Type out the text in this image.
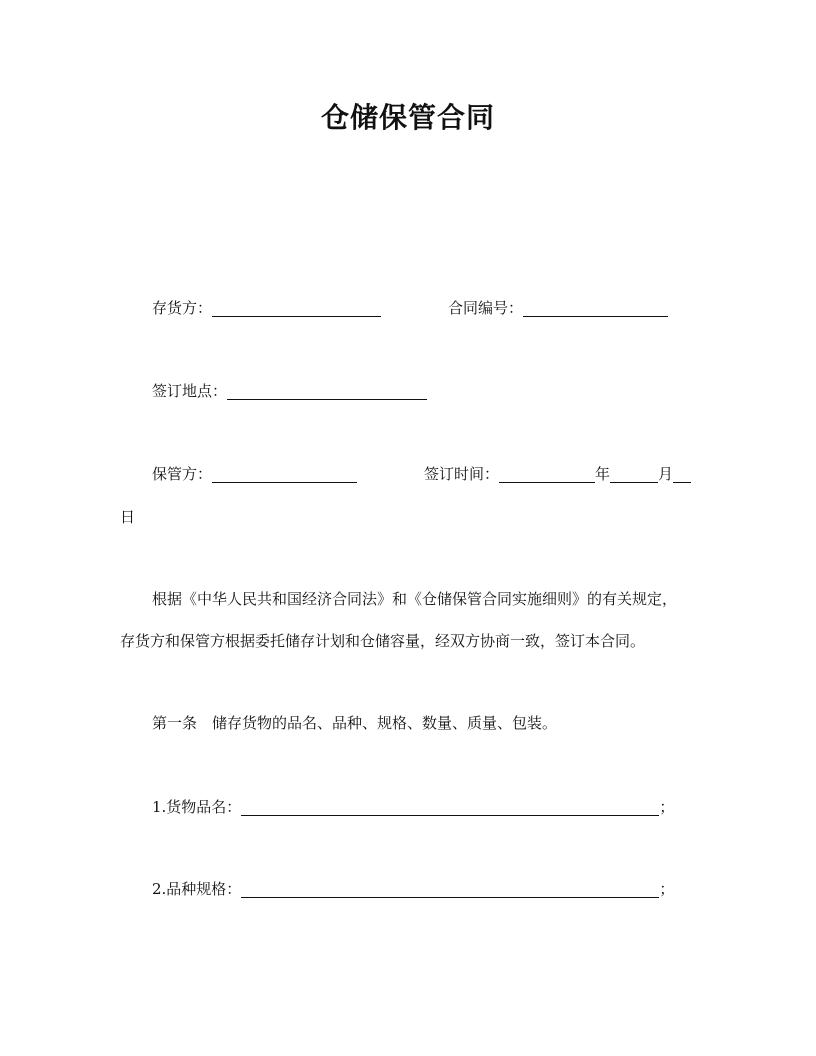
仓储保管合同
存货方：	合同编号：
签订地点：
保管方：	签订时间：	年	月
日
根据《中华人民共和国经济合同法》和《仓储保管合同实施细则》的有关规定，
存货方和保管方根据委托储存计划和仓储容量，经双方协商一致，签订本合同。
第一条　储存货物的品名、品种、规格、数量、质量、包装。
1.货物品名：	；
2.品种规格：	；
